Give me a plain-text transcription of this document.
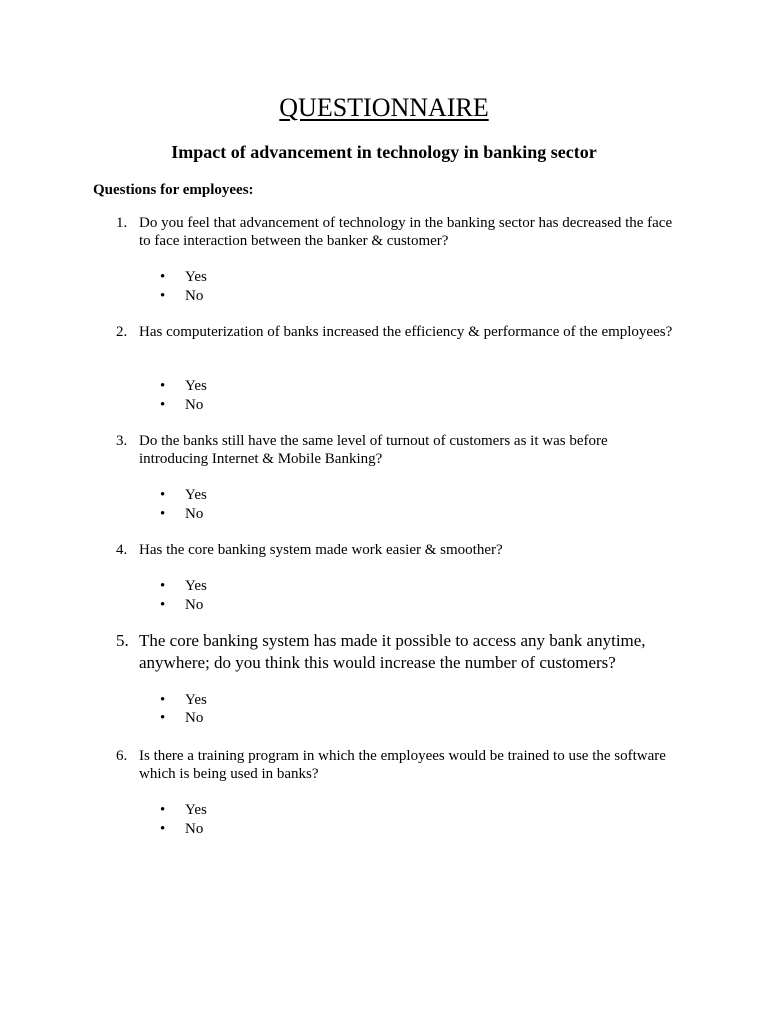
QUESTIONNAIRE
Impact of advancement in technology in banking sector
Questions for employees:
1. Do you feel that advancement of technology in the banking sector has decreased the face to face interaction between the banker & customer?
• Yes
• No
2. Has computerization of banks increased the efficiency & performance of the employees?
• Yes
• No
3. Do the banks still have the same level of turnout of customers as it was before introducing Internet & Mobile Banking?
• Yes
• No
4. Has the core banking system made work easier & smoother?
• Yes
• No
5. The core banking system has made it possible to access any bank anytime, anywhere; do you think this would increase the number of customers?
• Yes
• No
6. Is there a training program in which the employees would be trained to use the software which is being used in banks?
• Yes
• No
